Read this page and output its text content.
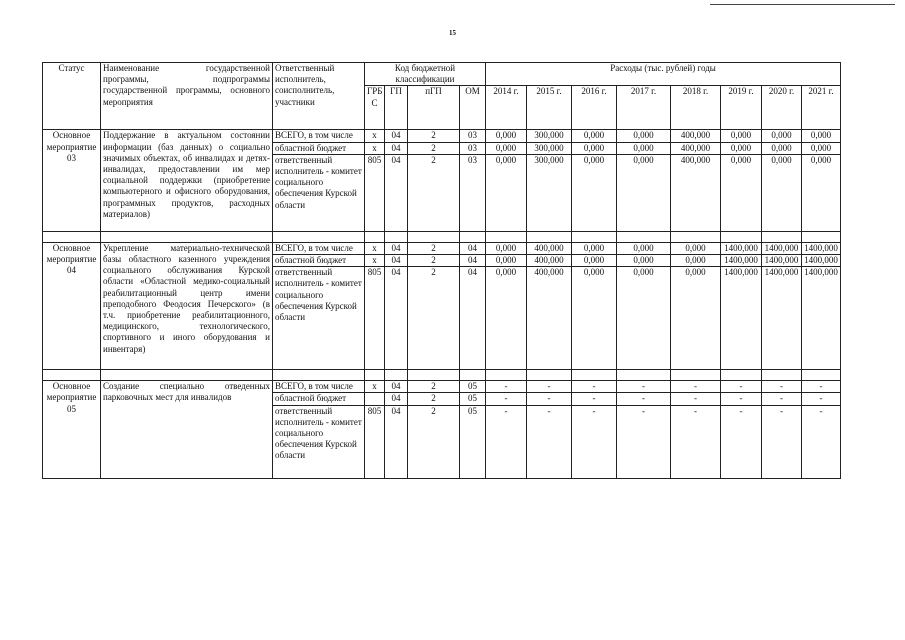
15
Статус	Наименование государственной программы, подпрограммы государственной программы, основного мероприятия	Ответственный исполнитель, соисполнитель, участники	Код бюджетной классификации				Расходы (тыс. рублей) годы							
			ГРБ С	ГП	пГП	ОМ	2014 г.	2015 г.	2016 г.	2017 г.	2018 г.	2019 г.	2020 г.	2021 г.
Основное мероприятие 03	Поддержание в актуальном состоянии информации (баз данных) о социально значимых объектах, об инвалидах и детях-инвалидах, предоставлении им мер социальной поддержки (приобретение компьютерного и офисного оборудования, программных продуктов, расходных материалов)	ВСЕГО, в том числе	x	04	2	03	0,000	300,000	0,000	0,000	400,000	0,000	0,000	0,000
		областной бюджет	x	04	2	03	0,000	300,000	0,000	0,000	400,000	0,000	0,000	0,000
		ответственный исполнитель - комитет социального обеспечения Курской области	805	04	2	03	0,000	300,000	0,000	0,000	400,000	0,000	0,000	0,000

Основное мероприятие 04	Укрепление материально-технической базы областного казенного учреждения социального обслуживания Курской области «Областной медико-социальный реабилитационный центр имени преподобного Феодосия Печерского» (в т.ч. приобретение реабилитационного, медицинского, технологического, спортивного и иного оборудования и инвентаря)	ВСЕГО, в том числе	x	04	2	04	0,000	400,000	0,000	0,000	0,000	1400,000	1400,000	1400,000
		областной бюджет	x	04	2	04	0,000	400,000	0,000	0,000	0,000	1400,000	1400,000	1400,000
		ответственный исполнитель - комитет социального обеспечения Курской области	805	04	2	04	0,000	400,000	0,000	0,000	0,000	1400,000	1400,000	1400,000

Основное мероприятие 05	Создание специально отведенных парковочных мест для инвалидов	ВСЕГО, в том числе	x	04	2	05	-	-	-	-	-	-	-	-
		областной бюджет		04	2	05	-	-	-	-	-	-	-	-
		ответственный исполнитель - комитет социального обеспечения Курской области	805	04	2	05	-	-	-	-	-	-	-	-
